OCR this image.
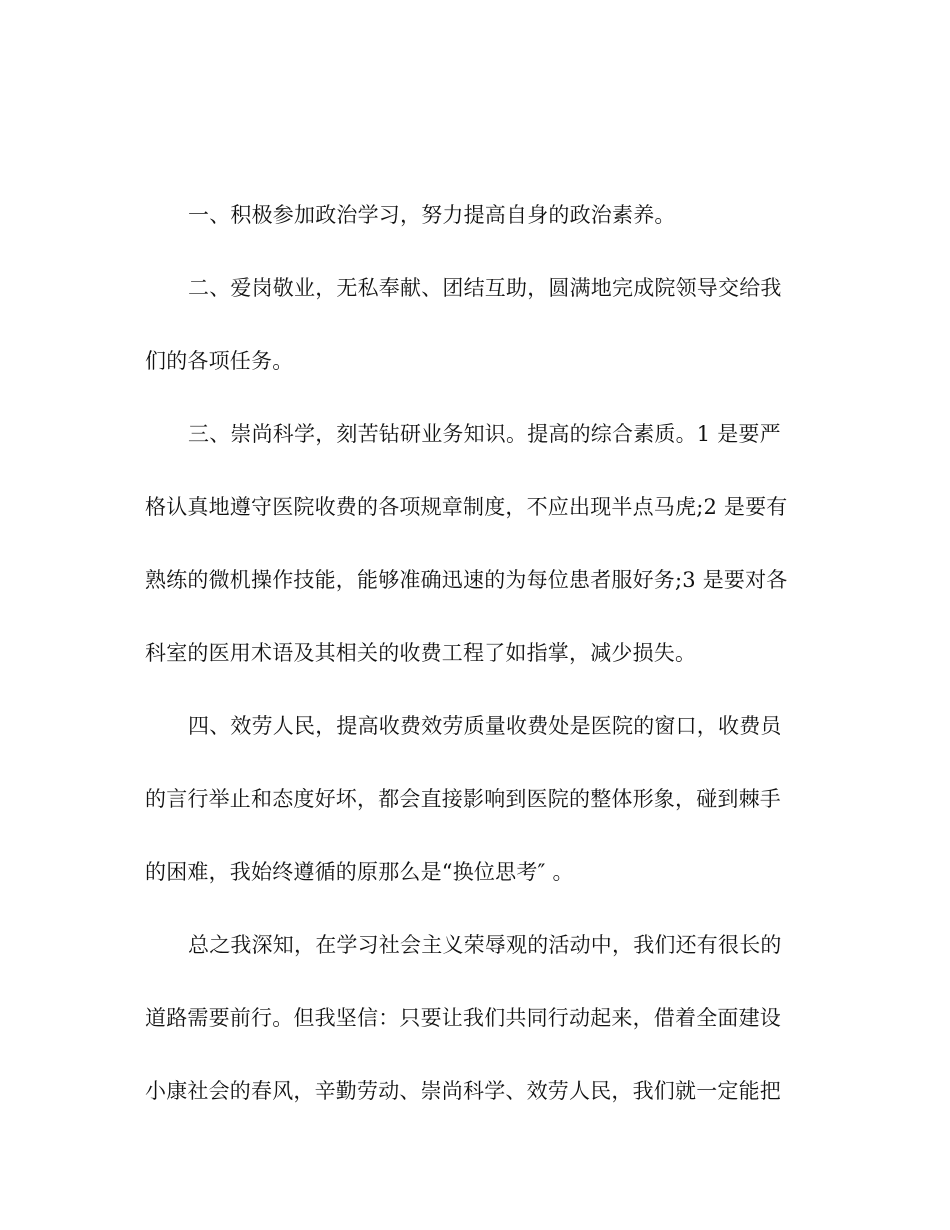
一、积极参加政治学习，努力提高自身的政治素养。
二、爱岗敬业，无私奉献、团结互助，圆满地完成院领导交给我
们的各项任务。
三、崇尚科学，刻苦钻研业务知识。提高的综合素质。1 是要严
格认真地遵守医院收费的各项规章制度，不应出现半点马虎;2 是要有
熟练的微机操作技能，能够准确迅速的为每位患者服好务;3 是要对各
科室的医用术语及其相关的收费工程了如指掌，减少损失。
四、效劳人民，提高收费效劳质量收费处是医院的窗口，收费员
的言行举止和态度好坏，都会直接影响到医院的整体形象，碰到棘手
的困难，我始终遵循的原那么是“换位思考″ 。
总之我深知，在学习社会主义荣辱观的活动中，我们还有很长的
道路需要前行。但我坚信：只要让我们共同行动起来，借着全面建设
小康社会的春风，辛勤劳动、崇尚科学、效劳人民，我们就一定能把
